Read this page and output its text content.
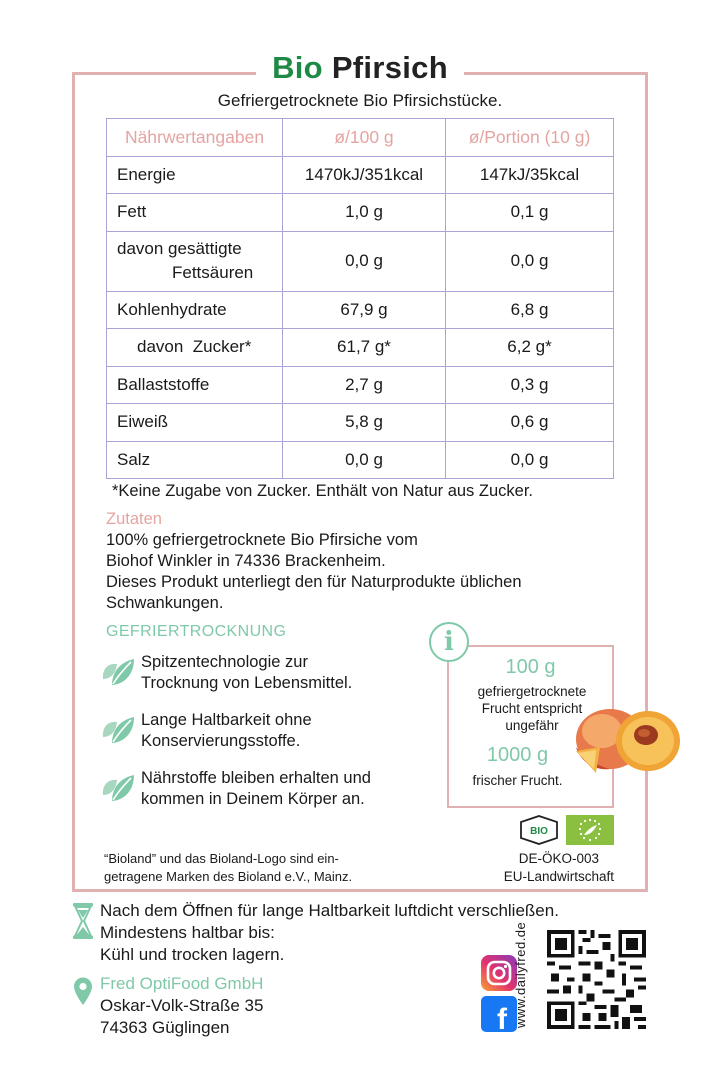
Bio Pfirsich
Gefriergetrocknete Bio Pfirsichstücke.
Nährwertangaben	ø/100 g	ø/Portion (10 g)
Energie	1470kJ/351kcal	147kJ/35kcal
Fett	1,0 g	0,1 g

davon gesättigte
Fettsäuren	0,0 g	0,0 g
Kohlenhydrate	67,9 g	6,8 g
davon  Zucker*	61,7 g*	6,2 g*
Ballaststoffe	2,7 g	0,3 g
Eiweiß	5,8 g	0,6 g
Salz	0,0 g	0,0 g
*Keine Zugabe von Zucker. Enthält von Natur aus Zucker.
Zutaten
100% gefriergetrocknete Bio Pfirsiche vom
Biohof Winkler in 74336 Brackenheim.
Dieses Produkt unterliegt den für Naturprodukte üblichen
Schwankungen.
GEFRIERTROCKNUNG
Spitzentechnologie zur
Trocknung von Lebensmittel.
Lange Haltbarkeit ohne
Konservierungsstoffe.
Nährstoffe bleiben erhalten und
kommen in Deinem Körper an.
i
100 g
gefriergetrocknete
Frucht entspricht
ungefähr
1000 g
frischer Frucht.
BIO
“Bioland” und das Bioland-Logo sind ein-
getragene Marken des Bioland e.V., Mainz.
DE-ÖKO-003
EU-Landwirtschaft
Nach dem Öffnen für lange Haltbarkeit luftdicht verschließen.
Mindestens haltbar bis:
Kühl und trocken lagern.
Fred OptiFood GmbH
Oskar-Volk-Straße 35
74363 Güglingen	f www.dailyfred.de
